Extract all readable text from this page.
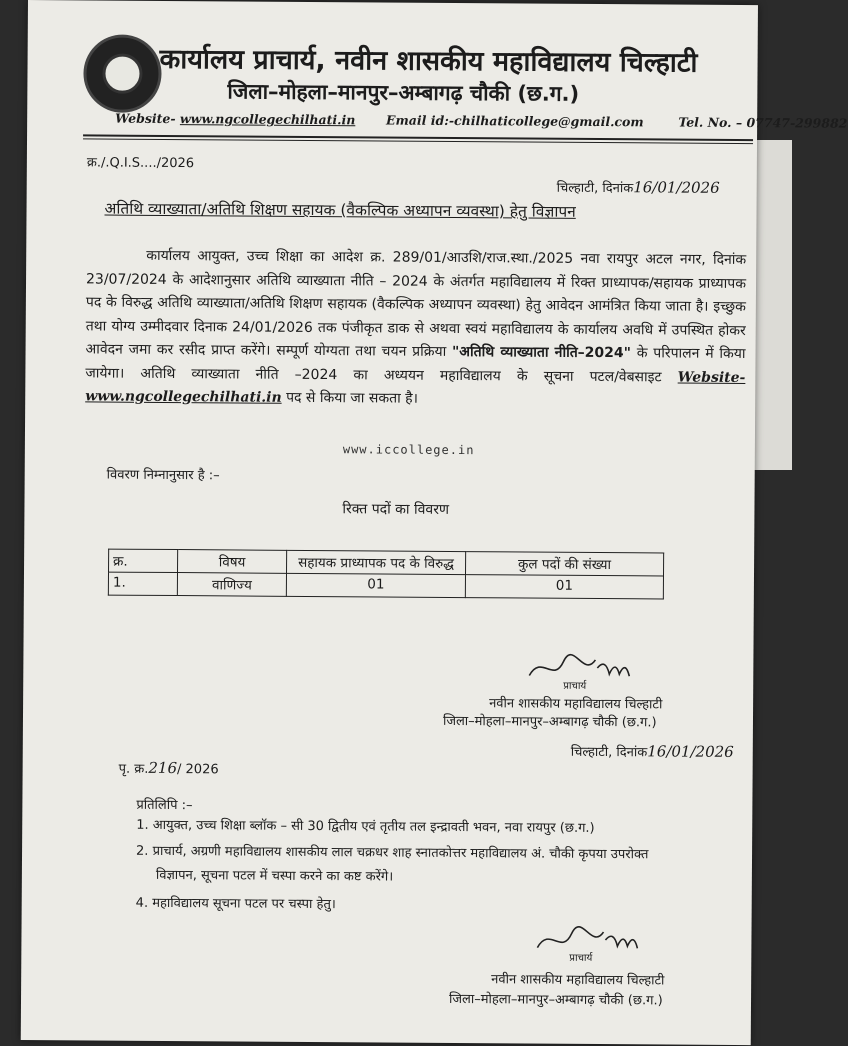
कार्यालय प्राचार्य, नवीन शासकीय महाविद्यालय चिल्हाटी
जिला–मोहला–मानपुर–अम्बागढ़ चौकी (छ.ग.)
Website- www.ngcollegechilhati.in Email id:-chilhaticollege@gmail.com	Tel. No. – 07747-299882
क्र./.Q.I.S..../2026
चिल्हाटी, दिनांक16/01/2026
अतिथि व्याख्याता/अतिथि शिक्षण सहायक (वैकल्पिक अध्यापन व्यवस्था) हेतु विज्ञापन
कार्यालय आयुक्त, उच्च शिक्षा का आदेश क्र. 289/01/आउशि/राज.स्था./2025 नवा रायपुर अटल नगर, दिनांक 23/07/2024 के आदेशानुसार अतिथि व्याख्याता नीति – 2024 के अंतर्गत महाविद्यालय में रिक्त प्राध्यापक/सहायक प्राध्यापक पद के विरुद्ध अतिथि व्याख्याता/अतिथि शिक्षण सहायक (वैकल्पिक अध्यापन व्यवस्था) हेतु आवेदन आमंत्रित किया जाता है। इच्छुक तथा योग्य उम्मीदवार दिनाक 24/01/2026 तक पंजीकृत डाक से अथवा स्वयं महाविद्यालय के कार्यालय अवधि में उपस्थित होकर आवेदन जमा कर रसीद प्राप्त करेंगे। सम्पूर्ण योग्यता तथा चयन प्रक्रिया "अतिथि व्याख्याता नीति–2024" के परिपालन में किया जायेगा। अतिथि व्याख्याता नीति –2024 का अध्ययन महाविद्यालय के सूचना पटल/वेबसाइट Website- www.ngcollegechilhati.in पद से किया जा सकता है।
www.iccollege.in
विवरण निम्नानुसार है :–
रिक्त पदों का विवरण
क्र.	विषय	सहायक प्राध्यापक पद के विरुद्ध	कुल पदों की संख्या
1.	वाणिज्य	01	01
प्राचार्य
नवीन शासकीय महाविद्यालय चिल्हाटी
जिला–मोहला–मानपुर–अम्बागढ़ चौकी (छ.ग.)
चिल्हाटी, दिनांक16/01/2026
पृ. क्र.216/ 2026
प्रतिलिपि :–
1. आयुक्त, उच्च शिक्षा ब्लॉक – सी 30 द्वितीय एवं तृतीय तल इन्द्रावती भवन, नवा रायपुर (छ.ग.)
2. प्राचार्य, अग्रणी महाविद्यालय शासकीय लाल चक्रधर शाह स्नातकोत्तर महाविद्यालय अं. चौकी कृपया उपरोक्त
विज्ञापन, सूचना पटल में चस्पा करने का कष्ट करेंगे।
4. महाविद्यालय सूचना पटल पर चस्पा हेतु।
प्राचार्य
नवीन शासकीय महाविद्यालय चिल्हाटी
जिला–मोहला–मानपुर–अम्बागढ़ चौकी (छ.ग.)
